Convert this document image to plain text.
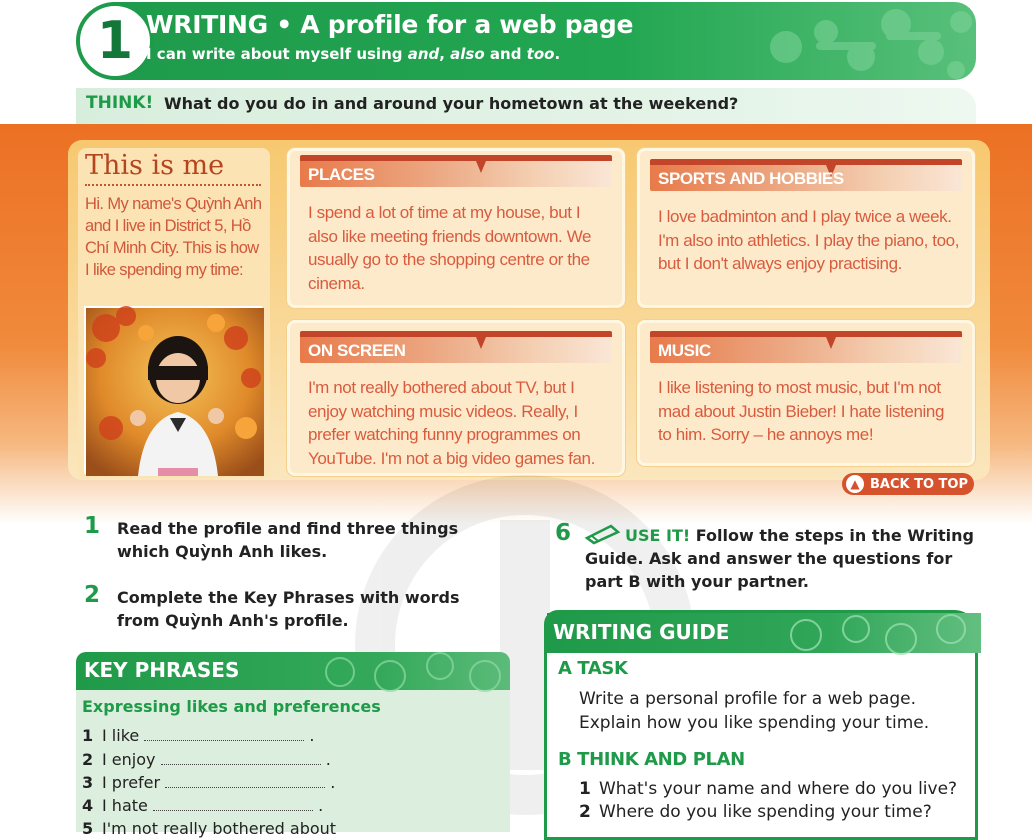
1 WRITING • A profile for a web page
I can write about myself using and, also and too.
THINK! What do you do in and around your hometown at the weekend?
This is me
Hi. My name's Quỳnh Anh and I live in District 5, Hồ Chí Minh City. This is how I like spending my time:
PLACES
I spend a lot of time at my house, but I also like meeting friends downtown. We usually go to the shopping centre or the cinema.
SPORTS AND HOBBIES
I love badminton and I play twice a week. I'm also into athletics. I play the piano, too, but I don't always enjoy practising.
ON SCREEN
I'm not really bothered about TV, but I enjoy watching music videos. Really, I prefer watching funny programmes on YouTube. I'm not a big video games fan.
MUSIC
I like listening to most music, but I'm not mad about Justin Bieber! I hate listening to him. Sorry – he annoys me!
▲ BACK TO TOP
1 Read the profile and find three things which Quỳnh Anh likes.
2 Complete the Key Phrases with words from Quỳnh Anh's profile.
6	USE IT! Follow the steps in the Writing Guide. Ask and answer the questions for part B with your partner.
KEY PHRASES
Expressing likes and preferences
1 I like	.
2 I enjoy	.
3 I prefer	.
4 I hate	.
5 I'm not really bothered about
WRITING GUIDE
A TASK
Write a personal profile for a web page.
Explain how you like spending your time.
B THINK AND PLAN
1 What's your name and where do you live?
2 Where do you like spending your time?
